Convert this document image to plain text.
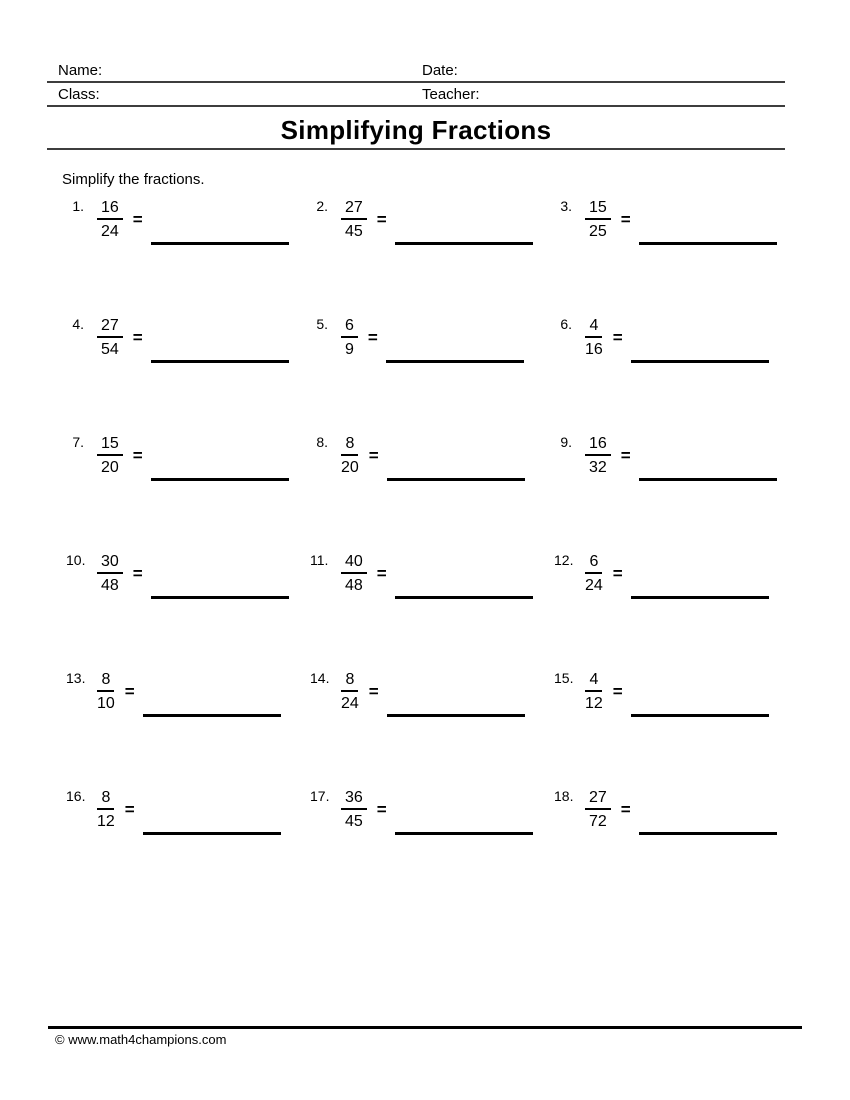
Name:	Date:
Class:	Teacher:
Simplifying Fractions
Simplify the fractions.
1. $\frac{16}{24}$ =
2. $\frac{27}{45}$ =
3. $\frac{15}{25}$ =
4. $\frac{27}{54}$ =
5. $\frac{6}{9}$ =
6. $\frac{4}{16}$ =
7. $\frac{15}{20}$ =
8. $\frac{8}{20}$ =
9. $\frac{16}{32}$ =
10. $\frac{30}{48}$ =
11. $\frac{40}{48}$ =
12. $\frac{6}{24}$ =
13. $\frac{8}{10}$ =
14. $\frac{8}{24}$ =
15. $\frac{4}{12}$ =
16. $\frac{8}{12}$ =
17. $\frac{36}{45}$ =
18. $\frac{27}{72}$ =
© www.math4champions.com
